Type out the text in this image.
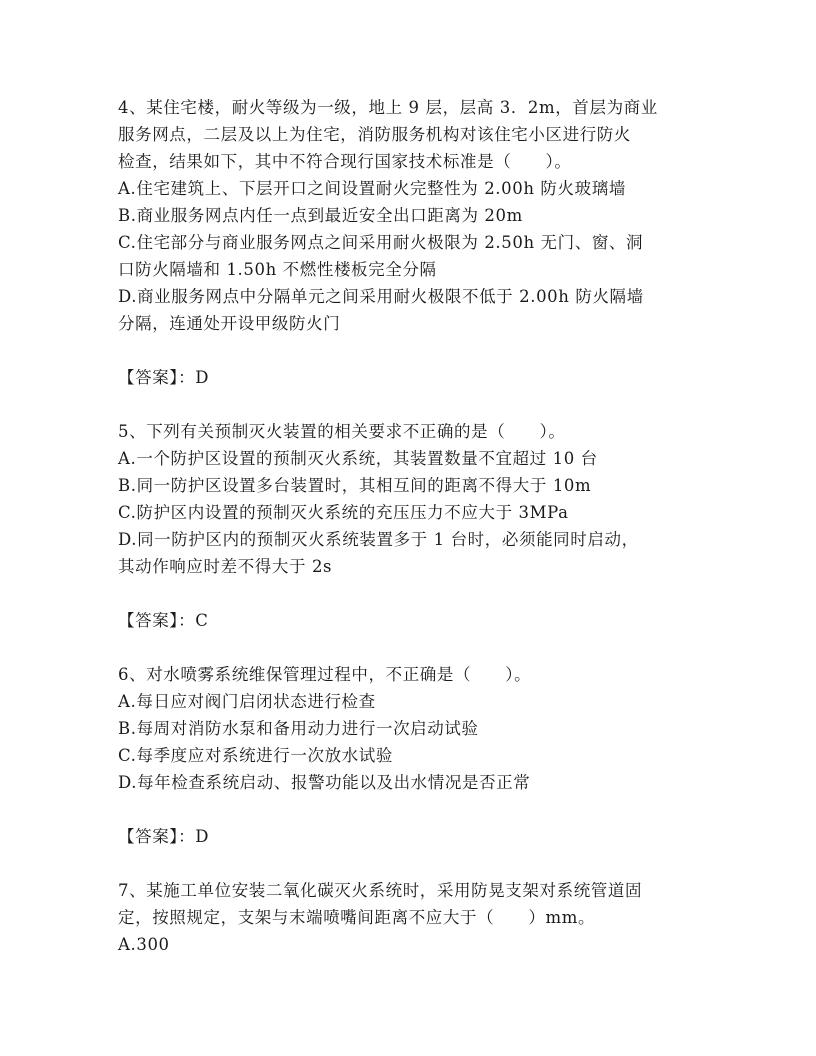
4、某住宅楼，耐火等级为一级，地上 9 层，层高 3．2m，首层为商业
服务网点，二层及以上为住宅，消防服务机构对该住宅小区进行防火
检查，结果如下，其中不符合现行国家技术标准是（　　）。
A.住宅建筑上、下层开口之间设置耐火完整性为 2.00h 防火玻璃墙
B.商业服务网点内任一点到最近安全出口距离为 20m
C.住宅部分与商业服务网点之间采用耐火极限为 2.50h 无门、窗、洞
口防火隔墙和 1.50h 不燃性楼板完全分隔
D.商业服务网点中分隔单元之间采用耐火极限不低于 2.00h 防火隔墙
分隔，连通处开设甲级防火门
【答案】：D
5、下列有关预制灭火装置的相关要求不正确的是（　　）。
A.一个防护区设置的预制灭火系统，其装置数量不宜超过 10 台
B.同一防护区设置多台装置时，其相互间的距离不得大于 10m
C.防护区内设置的预制灭火系统的充压压力不应大于 3MPa
D.同一防护区内的预制灭火系统装置多于 1 台时，必须能同时启动，
其动作响应时差不得大于 2s
【答案】：C
6、对水喷雾系统维保管理过程中，不正确是（　　）。
A.每日应对阀门启闭状态进行检查
B.每周对消防水泵和备用动力进行一次启动试验
C.每季度应对系统进行一次放水试验
D.每年检查系统启动、报警功能以及出水情况是否正常
【答案】：D
7、某施工单位安装二氧化碳灭火系统时，采用防晃支架对系统管道固
定，按照规定，支架与末端喷嘴间距离不应大于（　　）mm。
A.300
